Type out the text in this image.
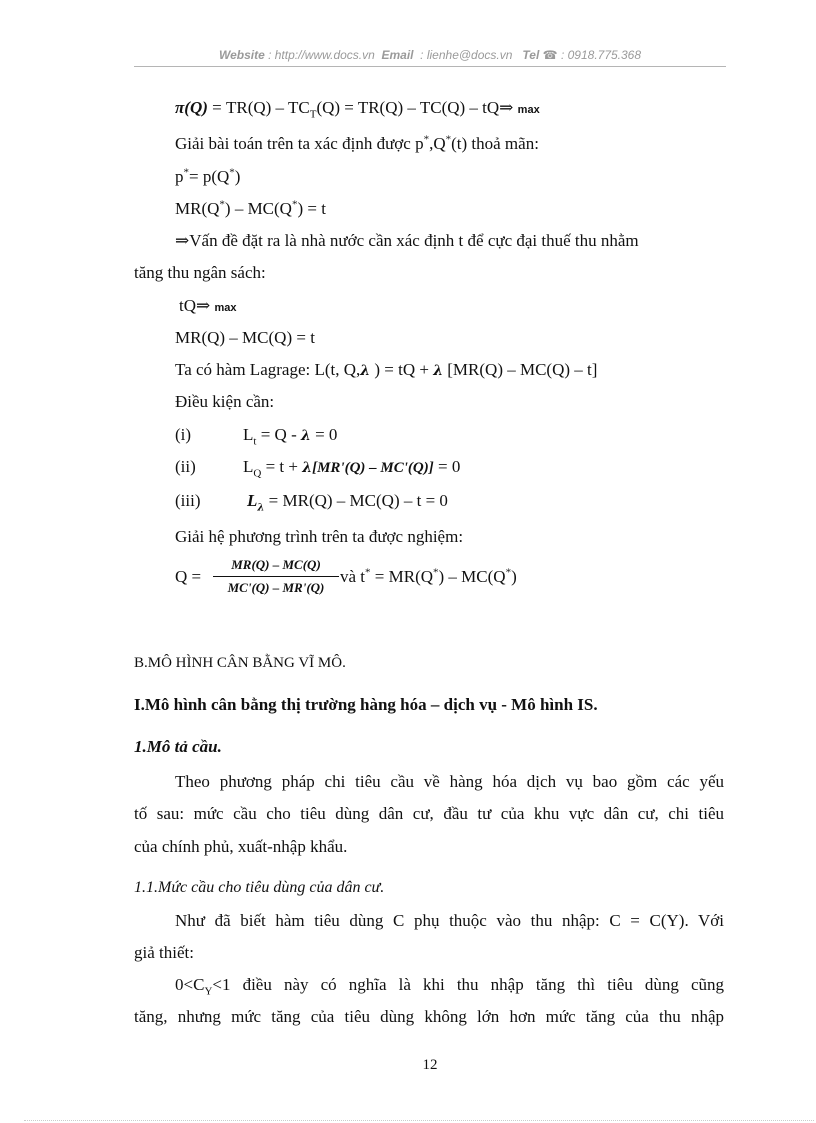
Website : http://www.docs.vn Email : lienhe@docs.vn Tel ☎ : 0918.775.368
$\pi(Q) = TR(Q) - TC_T(Q) = TR(Q) - TC(Q)$ – tQ⇒ max
Giải bài toán trên ta xác định được p*,Q*(t) thoả mãn:
p*= p(Q*)
MR(Q*) – MC(Q*) = t
⇒Vấn đề đặt ra là nhà nước cần xác định t để cực đại thuế thu nhằm
tăng thu ngân sách:
tQ⇒ max
MR(Q) – MC(Q) = t
Ta có hàm Lagrage: L(t, Q,λ ) = tQ + λ [MR(Q) – MC(Q) – t]
Điều kiện cần:
(i)	$L_t = Q - \lambda = 0$
(ii)	$L_Q = t + \lambda[MR'(Q) - MC'(Q)] = 0$
(iii)	$L_\lambda = MR(Q) - MC(Q) - t = 0$
Giải hệ phương trình trên ta được nghiệm:
Q =
MR(Q) – MC(Q)
MC'(Q) – MR'(Q)
và t* = MR(Q*) – MC(Q*)
B.MÔ HÌNH CÂN BẰNG VĨ MÔ.
I.Mô hình cân bằng thị trường hàng hóa – dịch vụ - Mô hình IS.
1.Mô tả cầu.
Theo phương pháp chi tiêu cầu về hàng hóa dịch vụ bao gồm các yếu
tố sau: mức cầu cho tiêu dùng dân cư, đầu tư của khu vực dân cư, chi tiêu
của chính phủ, xuất-nhập khẩu.
1.1.Mức cầu cho tiêu dùng của dân cư.
Như đã biết hàm tiêu dùng C phụ thuộc vào thu nhập: C = C(Y). Với
giả thiết:
$0<C_Y<1$ điều này có nghĩa là khi thu nhập tăng thì tiêu dùng cũng
tăng, nhưng mức tăng của tiêu dùng không lớn hơn mức tăng của thu nhập
12
